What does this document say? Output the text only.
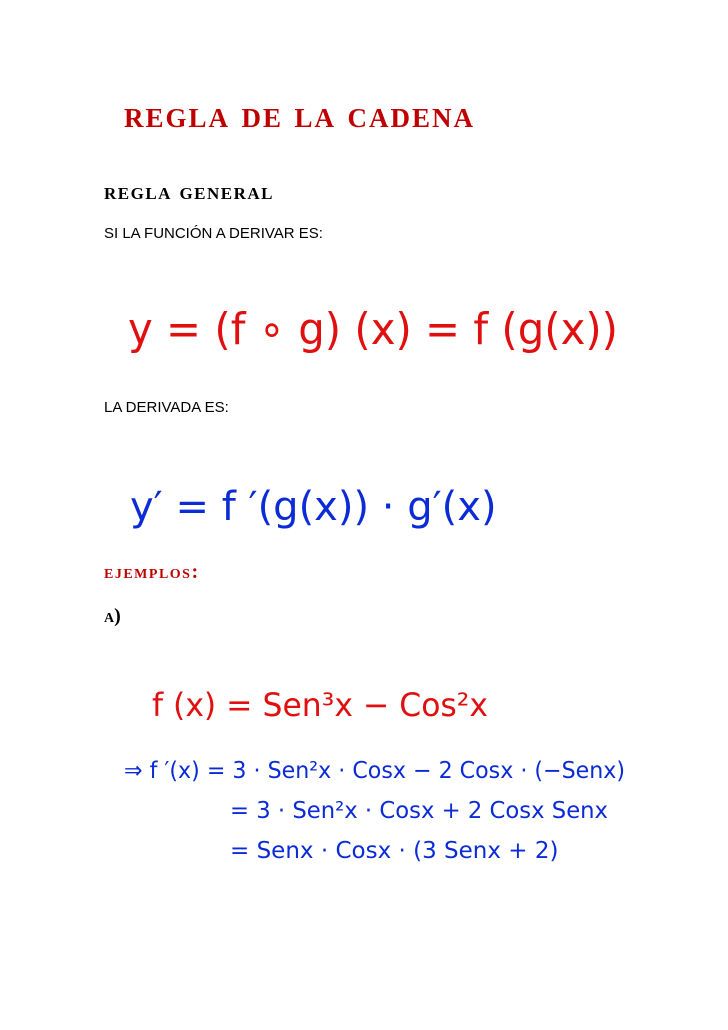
regla de la cadena
regla general

SI LA FUNCIÓN A DERIVAR ES:

y = (f ∘ g) (x) = f (g(x))

LA DERIVADA ES:

y′ = f ′(g(x)) · g′(x)
ejemplos:

a)

f (x) = Sen³x − Cos²x
⇒ f ′(x) = 3 · Sen²x · Cosx − 2 Cosx · (−Senx)
= 3 · Sen²x · Cosx + 2 Cosx Senx
= Senx · Cosx · (3 Senx + 2)
